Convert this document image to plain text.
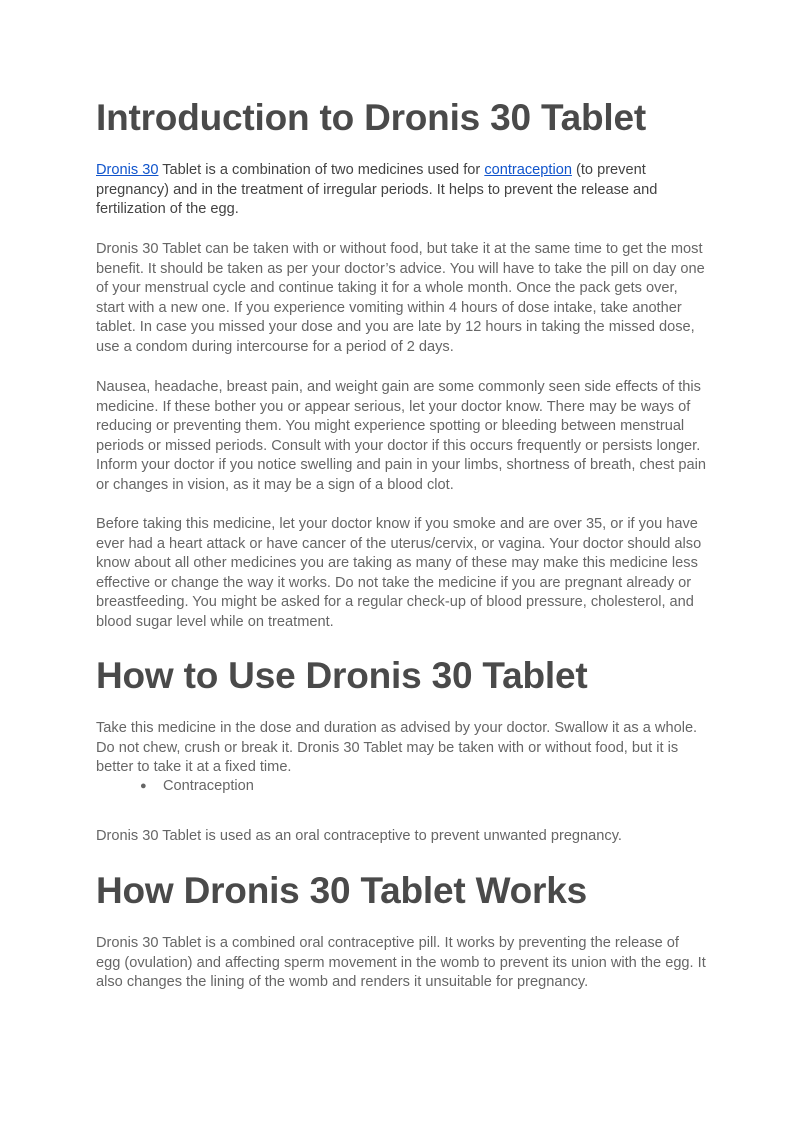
Introduction to Dronis 30 Tablet

Dronis 30 Tablet is a combination of two medicines used for contraception (to prevent pregnancy) and in the treatment of irregular periods. It helps to prevent the release and fertilization of the egg.

Dronis 30 Tablet can be taken with or without food, but take it at the same time to get the most benefit. It should be taken as per your doctor’s advice. You will have to take the pill on day one of your menstrual cycle and continue taking it for a whole month. Once the pack gets over, start with a new one. If you experience vomiting within 4 hours of dose intake, take another tablet. In case you missed your dose and you are late by 12 hours in taking the missed dose, use a condom during intercourse for a period of 2 days.

Nausea, headache, breast pain, and weight gain are some commonly seen side effects of this medicine. If these bother you or appear serious, let your doctor know. There may be ways of reducing or preventing them. You might experience spotting or bleeding between menstrual periods or missed periods. Consult with your doctor if this occurs frequently or persists longer. Inform your doctor if you notice swelling and pain in your limbs, shortness of breath, chest pain or changes in vision, as it may be a sign of a blood clot.

Before taking this medicine, let your doctor know if you smoke and are over 35, or if you have ever had a heart attack or have cancer of the uterus/cervix, or vagina. Your doctor should also know about all other medicines you are taking as many of these may make this medicine less effective or change the way it works. Do not take the medicine if you are pregnant already or breastfeeding. You might be asked for a regular check-up of blood pressure, cholesterol, and blood sugar level while on treatment.

How to Use Dronis 30 Tablet

Take this medicine in the dose and duration as advised by your doctor. Swallow it as a whole. Do not chew, crush or break it. Dronis 30 Tablet may be taken with or without food, but it is better to take it at a fixed time.

● Contraception

Dronis 30 Tablet is used as an oral contraceptive to prevent unwanted pregnancy.

How Dronis 30 Tablet Works

Dronis 30 Tablet is a combined oral contraceptive pill. It works by preventing the release of egg (ovulation) and affecting sperm movement in the womb to prevent its union with the egg. It also changes the lining of the womb and renders it unsuitable for pregnancy.
